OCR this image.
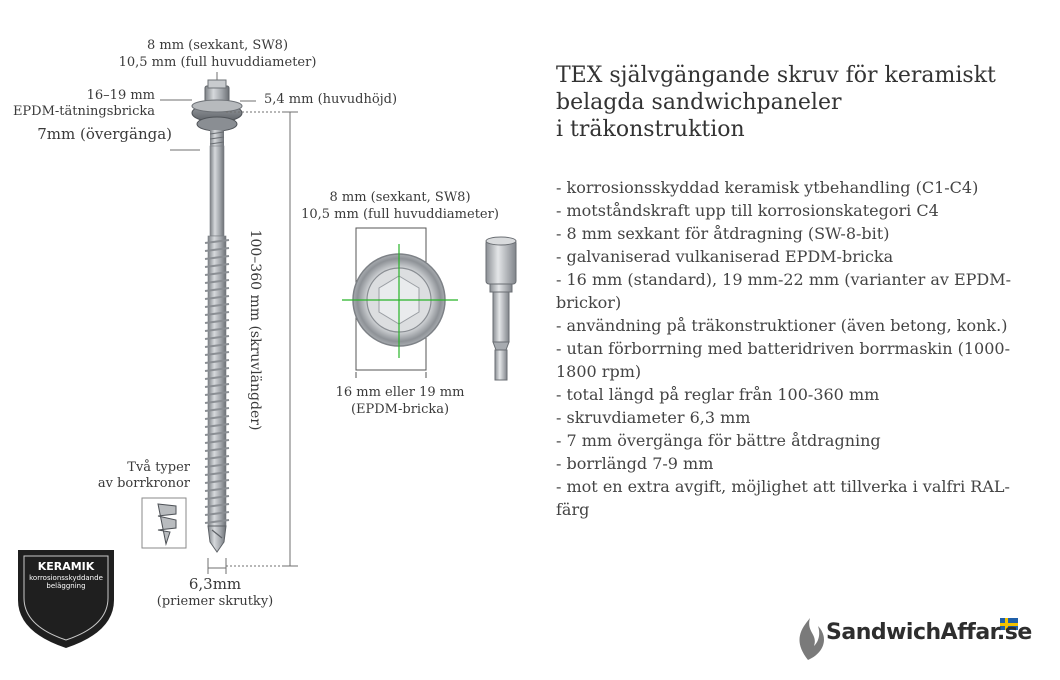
8 mm (sexkant, SW8)
10,5 mm (full huvuddiameter)
16–19 mm
EPDM-tätningsbricka
5,4 mm (huvudhöjd)
7mm (övergänga)
100–360 mm (skruvlängder)
Två typer
av borrkronor
6,3mm
(priemer skrutky)
8 mm (sexkant, SW8)
10,5 mm (full huvuddiameter)
16 mm eller 19 mm
(EPDM-bricka)
KERAMIK
korrosionsskyddande
beläggning
TEX självgängande skruv för keramiskt
belagda sandwichpaneler
i träkonstruktion
- korrosionsskyddad keramisk ytbehandling (C1-C4)
- motståndskraft upp till korrosionskategori C4
- 8 mm sexkant för åtdragning (SW-8-bit)
- galvaniserad vulkaniserad EPDM-bricka
- 16 mm (standard), 19 mm-22 mm (varianter av EPDM-brickor)
- användning på träkonstruktioner (även betong, konk.)
- utan förborrning med batteridriven borrmaskin (1000-1800 rpm)
- total längd på reglar från 100-360 mm
- skruvdiameter 6,3 mm
- 7 mm övergänga för bättre åtdragning
- borrlängd 7-9 mm
- mot en extra avgift, möjlighet att tillverka i valfri RAL-färg
SandwichAffar.se
